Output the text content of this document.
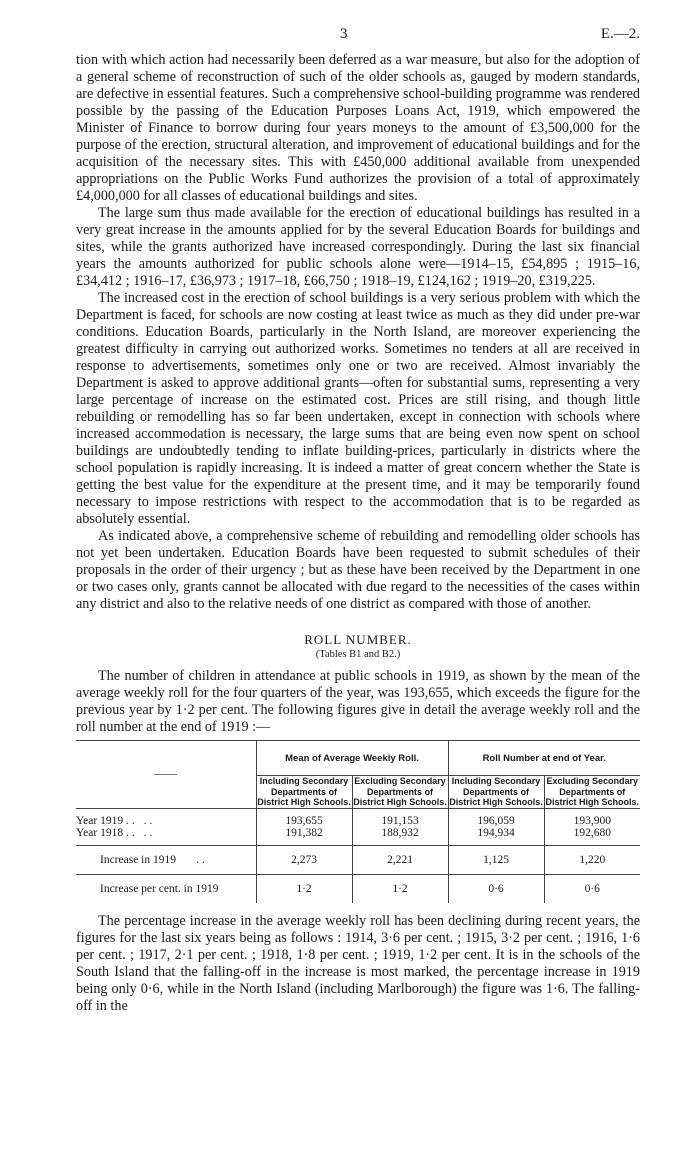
3	E.—2.

tion with which action had necessarily been deferred as a war measure, but also for the adoption of a general scheme of reconstruction of such of the older schools as, gauged by modern standards, are defective in essential features. Such a comprehensive school-building programme was rendered possible by the passing of the Education Purposes Loans Act, 1919, which empowered the Minister of Finance to borrow during four years moneys to the amount of £3,500,000 for the purpose of the erection, structural alteration, and improvement of educational buildings and for the acquisition of the necessary sites. This with £450,000 additional available from unexpended appropriations on the Public Works Fund authorizes the provision of a total of approximately £4,000,000 for all classes of educational buildings and sites.

The large sum thus made available for the erection of educational buildings has resulted in a very great increase in the amounts applied for by the several Education Boards for buildings and sites, while the grants authorized have increased correspondingly. During the last six financial years the amounts authorized for public schools alone were—1914–15, £54,895 ; 1915–16, £34,412 ; 1916–17, £36,973 ; 1917–18, £66,750 ; 1918–19, £124,162 ; 1919–20, £319,225.

The increased cost in the erection of school buildings is a very serious problem with which the Department is faced, for schools are now costing at least twice as much as they did under pre-war conditions. Education Boards, particularly in the North Island, are moreover experiencing the greatest difficulty in carrying out authorized works. Sometimes no tenders at all are received in response to advertisements, sometimes only one or two are received. Almost invariably the Department is asked to approve additional grants—often for substantial sums, representing a very large percentage of increase on the estimated cost. Prices are still rising, and though little rebuilding or remodelling has so far been undertaken, except in connection with schools where increased accommodation is necessary, the large sums that are being even now spent on school buildings are undoubtedly tending to inflate building-prices, particularly in districts where the school population is rapidly increasing. It is indeed a matter of great concern whether the State is getting the best value for the expenditure at the present time, and it may be temporarily found necessary to impose restrictions with respect to the accommodation that is to be regarded as absolutely essential.

As indicated above, a comprehensive scheme of rebuilding and remodelling older schools has not yet been undertaken. Education Boards have been requested to submit schedules of their proposals in the order of their urgency ; but as these have been received by the Department in one or two cases only, grants cannot be allocated with due regard to the necessities of the cases within any district and also to the relative needs of one district as compared with those of another.

ROLL NUMBER.
(Tables B1 and B2.)

The number of children in attendance at public schools in 1919, as shown by the mean of the average weekly roll for the four quarters of the year, was 193,655, which exceeds the figure for the previous year by 1·2 per cent. The following figures give in detail the average weekly roll and the roll number at the end of 1919 :—

——	Mean of Average Weekly Roll.		Roll Number at end of Year.	
	Including Secondary Departments of District High Schools.	Excluding Secondary Departments of District High Schools.	Including Secondary Departments of District High Schools.	Excluding Secondary Departments of District High Schools.
Year 1919 .. ..	193,655	191,153	196,059	193,900
Year 1918 .. ..	191,382	188,932	194,934	192,680
Increase in 1919 ..	2,273	2,221	1,125	1,220
Increase per cent. in 1919	1·2	1·2	0·6	0·6

The percentage increase in the average weekly roll has been declining during recent years, the figures for the last six years being as follows : 1914, 3·6 per cent. ; 1915, 3·2 per cent. ; 1916, 1·6 per cent. ; 1917, 2·1 per cent. ; 1918, 1·8 per cent. ; 1919, 1·2 per cent. It is in the schools of the South Island that the falling-off in the increase is most marked, the percentage increase in 1919 being only 0·6, while in the North Island (including Marlborough) the figure was 1·6. The falling-off in the
